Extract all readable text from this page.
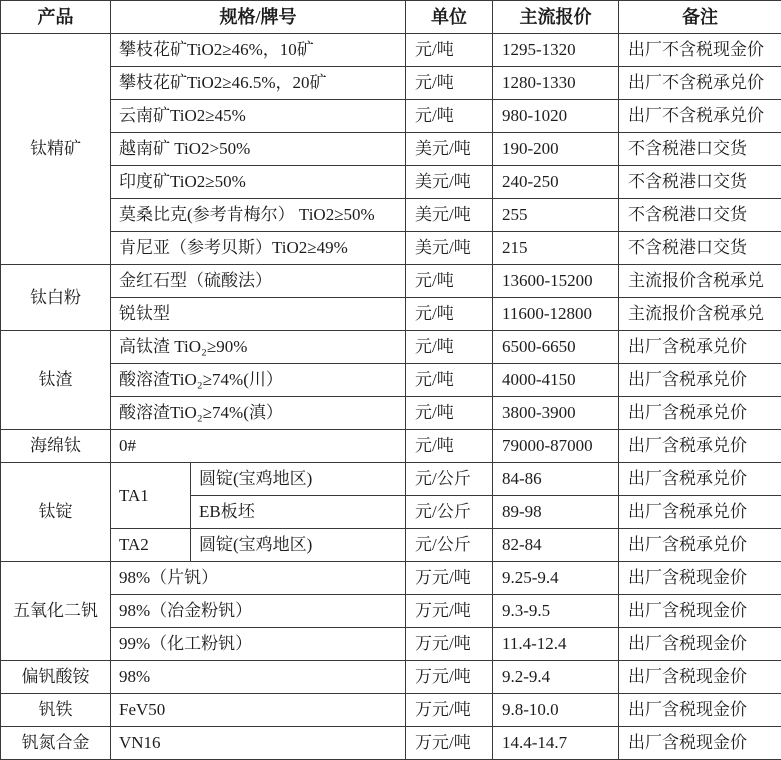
产品	规格/牌号		单位	主流报价	备注
钛精矿	攀枝花矿TiO2≥46%，10矿		元/吨	1295-1320	出厂不含税现金价
	攀枝花矿TiO2≥46.5%，20矿		元/吨	1280-1330	出厂不含税承兑价
	云南矿TiO2≥45%		元/吨	980-1020	出厂不含税承兑价
	越南矿 TiO2>50%		美元/吨	190-200	不含税港口交货
	印度矿TiO2≥50%		美元/吨	240-250	不含税港口交货
	莫桑比克(参考肯梅尔） TiO2≥50%		美元/吨	255	不含税港口交货
	肯尼亚（参考贝斯）TiO2≥49%		美元/吨	215	不含税港口交货
钛白粉	金红石型（硫酸法）		元/吨	13600-15200	主流报价含税承兑
	锐钛型		元/吨	11600-12800	主流报价含税承兑
钛渣	高钛渣 TiO₂≥90%		元/吨	6500-6650	出厂含税承兑价
	酸溶渣TiO₂≥74%(川）		元/吨	4000-4150	出厂含税承兑价
	酸溶渣TiO₂≥74%(滇）		元/吨	3800-3900	出厂含税承兑价
海绵钛	0#		元/吨	79000-87000	出厂含税承兑价
钛锭	TA1	圆锭(宝鸡地区)	元/公斤	84-86	出厂含税承兑价
		EB板坯	元/公斤	89-98	出厂含税承兑价
	TA2	圆锭(宝鸡地区)	元/公斤	82-84	出厂含税承兑价
五氧化二钒	98%（片钒）		万元/吨	9.25-9.4	出厂含税现金价
	98%（冶金粉钒）		万元/吨	9.3-9.5	出厂含税现金价
	99%（化工粉钒）		万元/吨	11.4-12.4	出厂含税现金价
偏钒酸铵	98%		万元/吨	9.2-9.4	出厂含税现金价
钒铁	FeV50		万元/吨	9.8-10.0	出厂含税现金价
钒氮合金	VN16		万元/吨	14.4-14.7	出厂含税现金价
